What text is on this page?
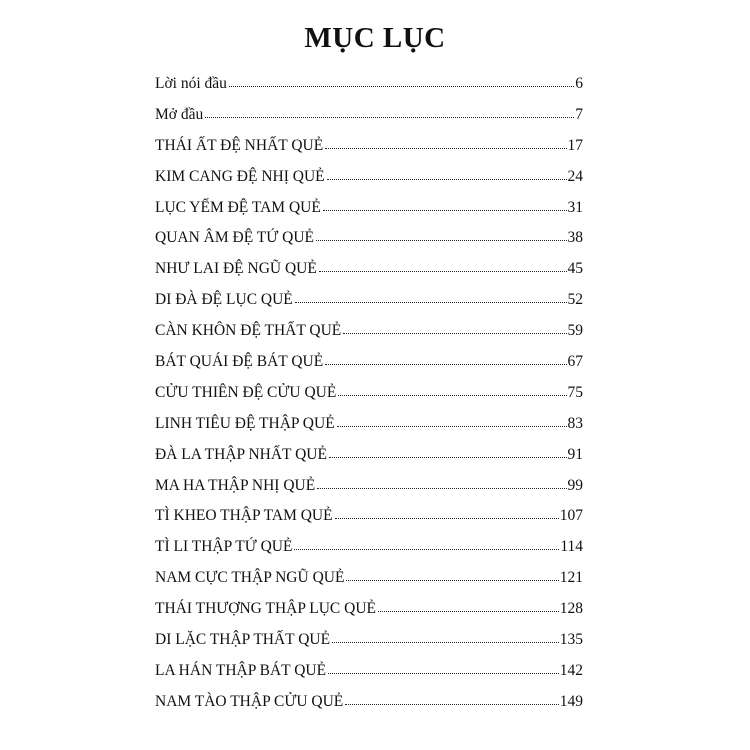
MỤC LỤC
Lời nói đầu	6
Mở đầu	7
THÁI ẤT ĐỆ NHẤT QUẺ	17
KIM CANG ĐỆ NHỊ QUẺ	24
LỤC YẾM ĐỆ TAM QUẺ	31
QUAN ÂM ĐỆ TỨ QUẺ	38
NHƯ LAI ĐỆ NGŨ QUẺ	45
DI ĐÀ ĐỆ LỤC QUẺ	52
CÀN KHÔN ĐỆ THẤT QUẺ	59
BÁT QUÁI ĐỆ BÁT QUẺ	67
CỬU THIÊN ĐỆ CỬU QUẺ	75
LINH TIÊU ĐỆ THẬP QUẺ	83
ĐÀ LA THẬP NHẤT QUẺ	91
MA HA THẬP NHỊ QUẺ	99
TÌ KHEO THẬP TAM QUẺ	107
TÌ LI THẬP TỨ QUẺ	114
NAM CỰC THẬP NGŨ QUẺ	121
THÁI THƯỢNG THẬP LỤC QUẺ	128
DI LẶC THẬP THẤT QUẺ	135
LA HÁN THẬP BÁT QUẺ	142
NAM TÀO THẬP CỬU QUẺ	149
